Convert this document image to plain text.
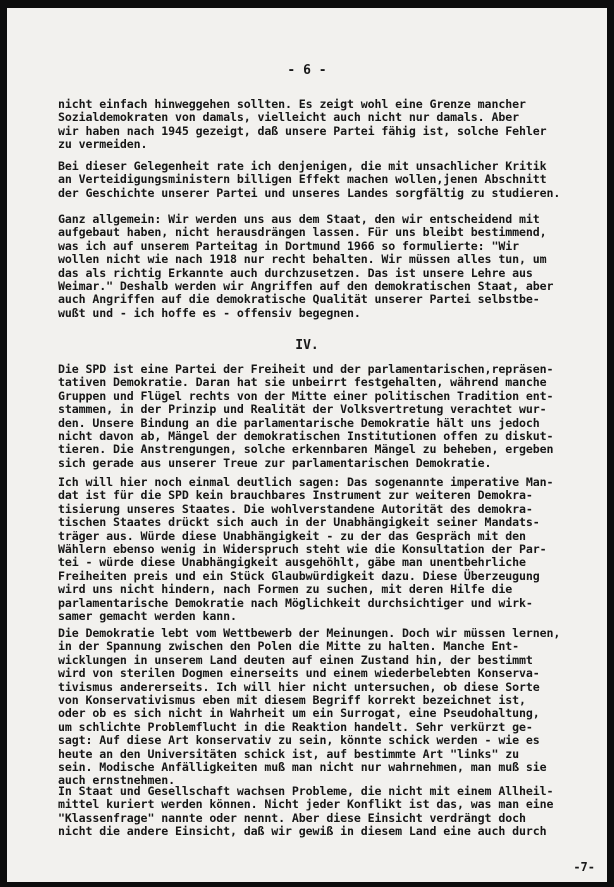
- 6 -
nicht einfach hinweggehen sollten. Es zeigt wohl eine Grenze mancher
Sozialdemokraten von damals, vielleicht auch nicht nur damals. Aber
wir haben nach 1945 gezeigt, daß unsere Partei fähig ist, solche Fehler
zu vermeiden.
Bei dieser Gelegenheit rate ich denjenigen, die mit unsachlicher Kritik
an Verteidigungsministern billigen Effekt machen wollen,jenen Abschnitt
der Geschichte unserer Partei und unseres Landes sorgfältig zu studieren.
Ganz allgemein: Wir werden uns aus dem Staat, den wir entscheidend mit
aufgebaut haben, nicht herausdrängen lassen. Für uns bleibt bestimmend,
was ich auf unserem Parteitag in Dortmund 1966 so formulierte: "Wir
wollen nicht wie nach 1918 nur recht behalten. Wir müssen alles tun, um
das als richtig Erkannte auch durchzusetzen. Das ist unsere Lehre aus
Weimar." Deshalb werden wir Angriffen auf den demokratischen Staat, aber
auch Angriffen auf die demokratische Qualität unserer Partei selbstbe-
wußt und - ich hoffe es - offensiv begegnen.
Die SPD ist eine Partei der Freiheit und der parlamentarischen,repräsen-
tativen Demokratie. Daran hat sie unbeirrt festgehalten, während manche
Gruppen und Flügel rechts von der Mitte einer politischen Tradition ent-
stammen, in der Prinzip und Realität der Volksvertretung verachtet wur-
den. Unsere Bindung an die parlamentarische Demokratie hält uns jedoch
nicht davon ab, Mängel der demokratischen Institutionen offen zu diskut-
tieren. Die Anstrengungen, solche erkennbaren Mängel zu beheben, ergeben
sich gerade aus unserer Treue zur parlamentarischen Demokratie.
Ich will hier noch einmal deutlich sagen: Das sogenannte imperative Man-
dat ist für die SPD kein brauchbares Instrument zur weiteren Demokra-
tisierung unseres Staates. Die wohlverstandene Autorität des demokra-
tischen Staates drückt sich auch in der Unabhängigkeit seiner Mandats-
träger aus. Würde diese Unabhängigkeit - zu der das Gespräch mit den
Wählern ebenso wenig in Widerspruch steht wie die Konsultation der Par-
tei - würde diese Unabhängigkeit ausgehöhlt, gäbe man unentbehrliche
Freiheiten preis und ein Stück Glaubwürdigkeit dazu. Diese Überzeugung
wird uns nicht hindern, nach Formen zu suchen, mit deren Hilfe die
parlamentarische Demokratie nach Möglichkeit durchsichtiger und wirk-
samer gemacht werden kann.
Die Demokratie lebt vom Wettbewerb der Meinungen. Doch wir müssen lernen,
in der Spannung zwischen den Polen die Mitte zu halten. Manche Ent-
wicklungen in unserem Land deuten auf einen Zustand hin, der bestimmt
wird von sterilen Dogmen einerseits und einem wiederbelebten Konserva-
tivismus andererseits. Ich will hier nicht untersuchen, ob diese Sorte
von Konservativismus eben mit diesem Begriff korrekt bezeichnet ist,
oder ob es sich nicht in Wahrheit um ein Surrogat, eine Pseudohaltung,
um schlichte Problemflucht in die Reaktion handelt. Sehr verkürzt ge-
sagt: Auf diese Art konservativ zu sein, könnte schick werden - wie es
heute an den Universitäten schick ist, auf bestimmte Art "links" zu
sein. Modische Anfälligkeiten muß man nicht nur wahrnehmen, man muß sie
auch ernstnehmen.
In Staat und Gesellschaft wachsen Probleme, die nicht mit einem Allheil-
mittel kuriert werden können. Nicht jeder Konflikt ist das, was man eine
"Klassenfrage" nannte oder nennt. Aber diese Einsicht verdrängt doch
nicht die andere Einsicht, daß wir gewiß in diesem Land eine auch durch
IV.
-7-
